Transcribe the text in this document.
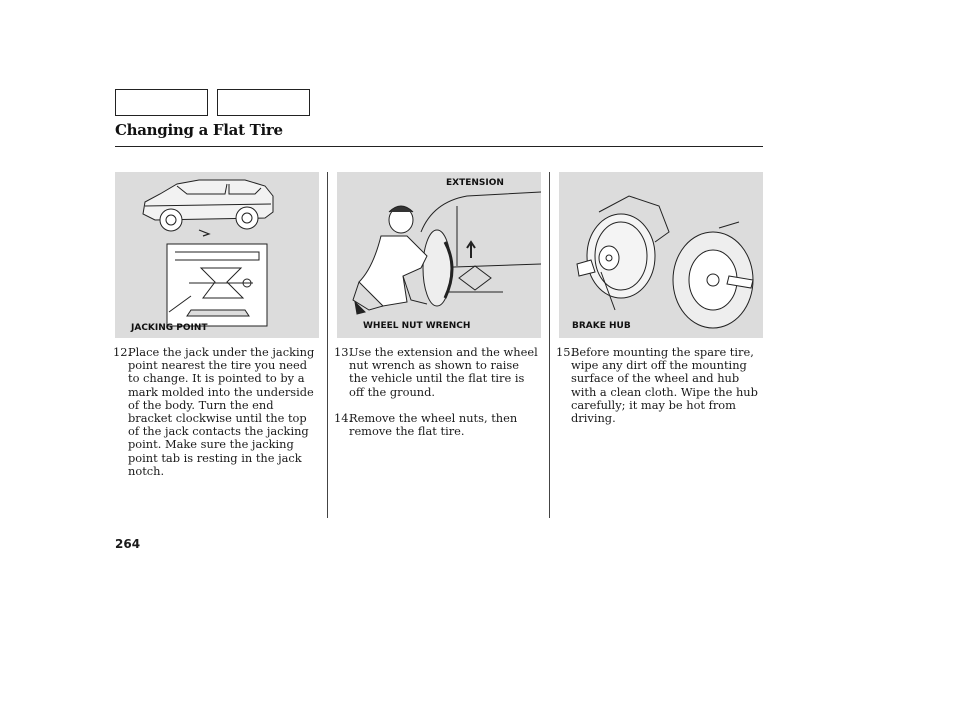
Changing a Flat Tire
JACKING POINT
EXTENSION
WHEEL NUT WRENCH	BRAKE HUB
12.
Place the jack under the jacking point nearest the tire you need to change. It is pointed to by a mark molded into the underside of the body. Turn the end bracket clockwise until the top of the jack contacts the jacking point. Make sure the jacking point tab is resting in the jack notch.
13.
Use the extension and the wheel nut wrench as shown to raise the vehicle until the flat tire is off the ground.
14.
Remove the wheel nuts, then remove the flat tire.
15.
Before mounting the spare tire, wipe any dirt off the mounting surface of the wheel and hub with a clean cloth. Wipe the hub carefully; it may be hot from driving.
264
